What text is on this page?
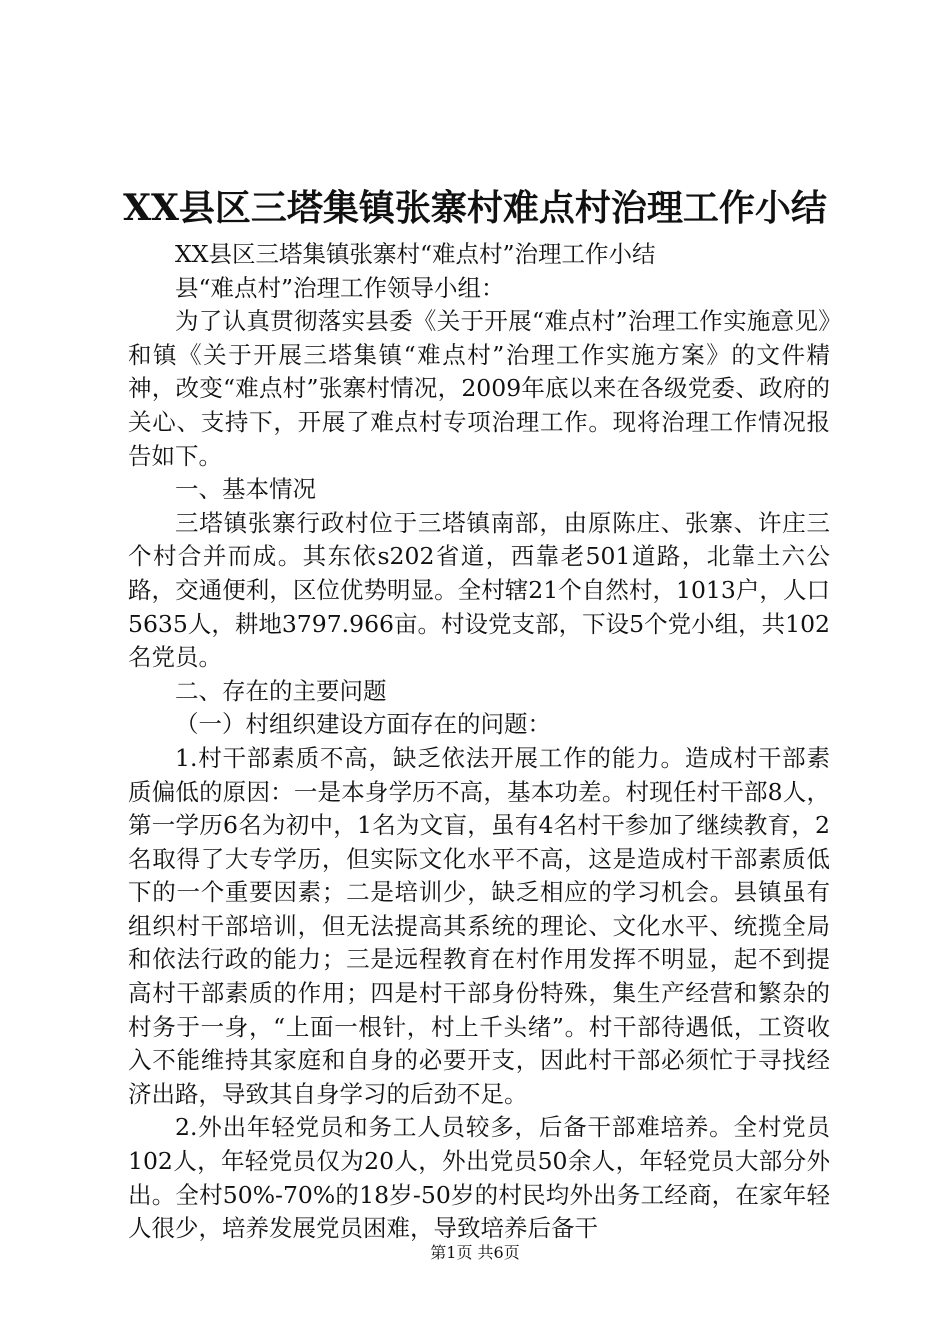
XX县区三塔集镇张寨村难点村治理工作小结

XX县区三塔集镇张寨村“难点村”治理工作小结

县“难点村”治理工作领导小组：

为了认真贯彻落实县委《关于开展“难点村”治理工作实施意见》和镇《关于开展三塔集镇“难点村”治理工作实施方案》的文件精神，改变“难点村”张寨村情况，2009年底以来在各级党委、政府的关心、支持下，开展了难点村专项治理工作。现将治理工作情况报告如下。

一、基本情况

三塔镇张寨行政村位于三塔镇南部，由原陈庄、张寨、许庄三个村合并而成。其东依s202省道，西靠老501道路，北靠土六公路，交通便利，区位优势明显。全村辖21个自然村，1013户，人口5635人，耕地3797.966亩。村设党支部，下设5个党小组，共102名党员。

二、存在的主要问题

（一）村组织建设方面存在的问题：

1.村干部素质不高，缺乏依法开展工作的能力。造成村干部素质偏低的原因：一是本身学历不高，基本功差。村现任村干部8人，第一学历6名为初中，1名为文盲，虽有4名村干参加了继续教育，2名取得了大专学历，但实际文化水平不高，这是造成村干部素质低下的一个重要因素；二是培训少，缺乏相应的学习机会。县镇虽有组织村干部培训，但无法提高其系统的理论、文化水平、统揽全局和依法行政的能力；三是远程教育在村作用发挥不明显，起不到提高村干部素质的作用；四是村干部身份特殊，集生产经营和繁杂的村务于一身，“上面一根针，村上千头绪”。村干部待遇低，工资收入不能维持其家庭和自身的必要开支，因此村干部必须忙于寻找经济出路，导致其自身学习的后劲不足。

2.外出年轻党员和务工人员较多，后备干部难培养。全村党员102人，年轻党员仅为20人，外出党员50余人，年轻党员大部分外出。全村50%-70%的18岁-50岁的村民均外出务工经商，在家年轻人很少，培养发展党员困难，导致培养后备干

第1页 共6页
